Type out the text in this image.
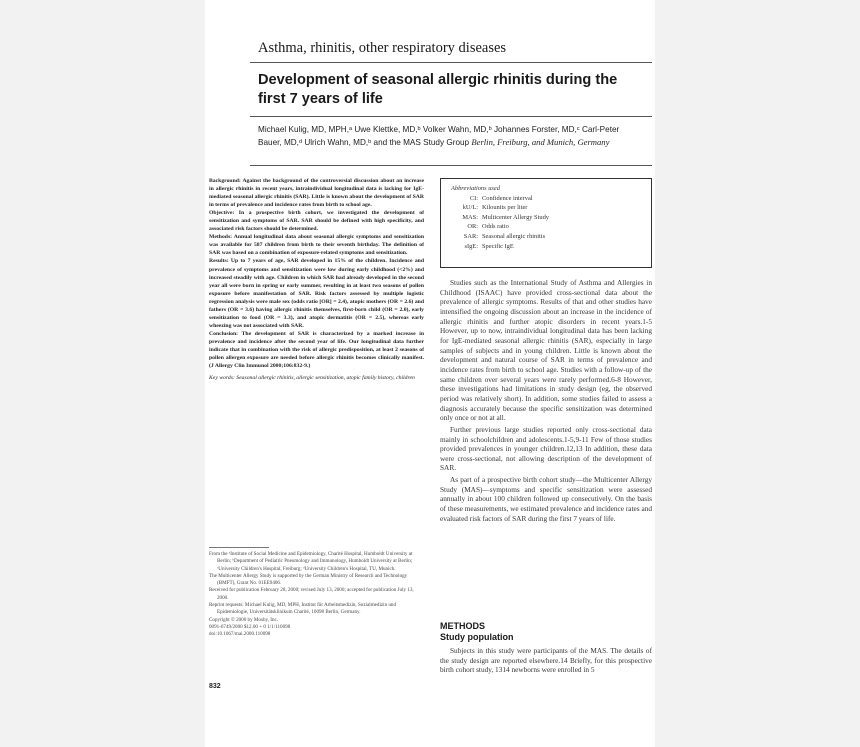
Asthma, rhinitis, other respiratory diseases
Development of seasonal allergic rhinitis during the first 7 years of life
Michael Kulig, MD, MPH,ᵃ Uwe Klettke, MD,ᵇ Volker Wahn, MD,ᵇ Johannes Forster, MD,ᶜ Carl-Peter Bauer, MD,ᵈ Ulrich Wahn, MD,ᵇ and the MAS Study Group Berlin, Freiburg, and Munich, Germany
Background: Against the background of the controversial discussion about an increase in allergic rhinitis in recent years, intraindividual longitudinal data is lacking for IgE-mediated seasonal allergic rhinitis (SAR). Little is known about the development of SAR in terms of prevalence and incidence rates from birth to school age.
Objective: In a prospective birth cohort, we investigated the development of sensitization and symptoms of SAR. SAR should be defined with high specificity, and associated risk factors should be determined.
Methods: Annual longitudinal data about seasonal allergic symptoms and sensitization was available for 587 children from birth to their seventh birthday. The definition of SAR was based on a combination of exposure-related symptoms and sensitization.
Results: Up to 7 years of age, SAR developed in 15% of the children. Incidence and prevalence of symptoms and sensitization were low during early childhood (<2%) and increased steadily with age. Children in which SAR had already developed in the second year all were born in spring or early summer, resulting in at least two seasons of pollen exposure before manifestation of SAR. Risk factors assessed by multiple logistic regression analysis were male sex (odds ratio [OR] = 2.4), atopic mothers (OR = 2.6) and fathers (OR = 3.6) having allergic rhinitis themselves, first-born child (OR = 2.0), early sensitization to food (OR = 3.3), and atopic dermatitis (OR = 2.5), whereas early wheezing was not associated with SAR.
Conclusion: The development of SAR is characterized by a marked increase in prevalence and incidence after the second year of life. Our longitudinal data further indicate that in combination with the risk of allergic predisposition, at least 2 seasons of pollen allergen exposure are needed before allergic rhinitis becomes clinically manifest. (J Allergy Clin Immunol 2000;106:832-9.)
Key words: Seasonal allergic rhinitis, allergic sensitization, atopic family history, children
Abbreviations used
CI: Confidence interval
kU/L: Kilounits per liter
MAS: Multicenter Allergy Study
OR: Odds ratio
SAR: Seasonal allergic rhinitis
sIgE: Specific IgE

Studies such as the International Study of Asthma and Allergies in Childhood (ISAAC) have provided cross-sectional data about the prevalence of allergic symptoms. Results of that and other studies have intensified the ongoing discussion about an increase in the incidence of allergic rhinitis and further atopic disorders in recent years.1-5 However, up to now, intraindividual longitudinal data has been lacking for IgE-mediated seasonal allergic rhinitis (SAR), especially in large samples of subjects and in young children. Little is known about the development and natural course of SAR in terms of prevalence and incidence rates from birth to school age. Studies with a follow-up of the same children over several years were rarely performed.6-8 However, these investigations had limitations in study design (eg, the observed period was relatively short). In addition, some studies failed to assess a diagnosis accurately because the specific sensitization was determined only once or not at all.

Further previous large studies reported only cross-sectional data mainly in schoolchildren and adolescents.1-5,9-11 Few of those studies provided prevalences in younger children.12,13 In addition, these data were cross-sectional, not allowing description of the development of SAR.

As part of a prospective birth cohort study—the Multicenter Allergy Study (MAS)—symptoms and specific sensitization were assessed annually in about 100 children followed up consecutively. On the basis of these measurements, we estimated prevalence and incidence rates and evaluated risk factors of SAR during the first 7 years of life.

From the ᵃInstitute of Social Medicine and Epidemiology, Charité Hospital, Humboldt University at Berlin; ᵇDepartment of Pediatric Pneumology and Immunology, Humboldt University at Berlin; ᶜUniversity Children's Hospital, Freiburg; ᵈUniversity Children's Hospital, TU, Munich.

The Multicenter Allergy Study is supported by the German Ministry of Research and Technology (BMFT), Grant No. 01EE9406.

Received for publication February 28, 2000; revised July 13, 2000; accepted for publication July 13, 2000.

Reprint requests: Michael Kulig, MD, MPH, Institut für Arbeitsmedizin, Sozialmedizin und Epidemiologie, Universitätsklinikum Charité, 10098 Berlin, Germany.

Copyright © 2000 by Mosby, Inc.

0091-6749/2000 $12.00 + 0 1/1/110098

doi:10.1067/mai.2000.110098

METHODS
Study population

Subjects in this study were participants of the MAS. The details of the study design are reported elsewhere.14 Briefly, for this prospective birth cohort study, 1314 newborns were enrolled in 5

832
